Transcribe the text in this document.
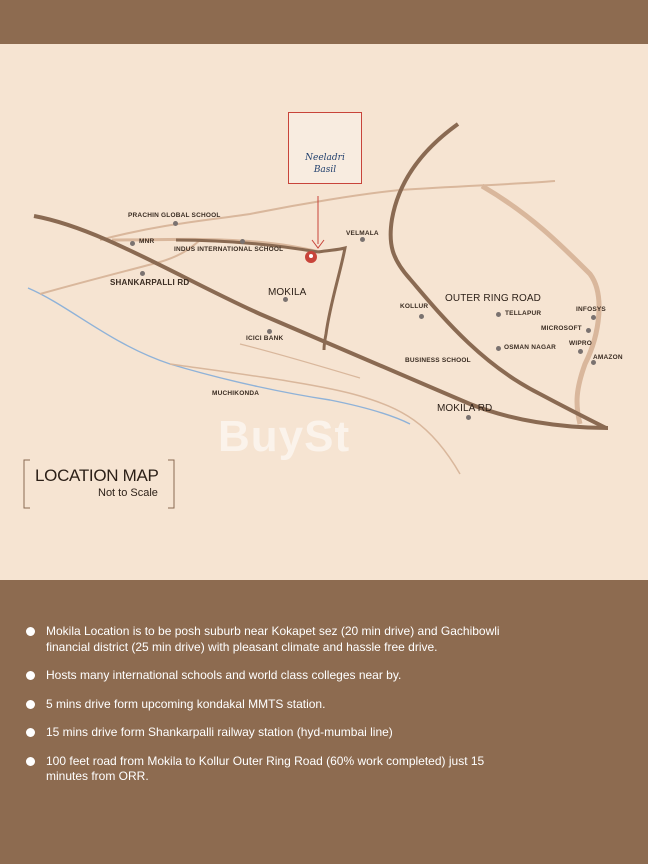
PRACHIN GLOBAL SCHOOL
MNR
INDUS INTERNATIONAL SCHOOL
VELMALA
SHANKARPALLI RD
MOKILA
ICICI BANK
KOLLUR
OUTER RING ROAD
TELLAPUR
INFOSYS
MICROSOFT
WIPRO
AMAZON
OSMAN NAGAR
BUSINESS SCHOOL
MUCHIKONDA
MOKILA RD
Neeladri
Basil
BuySt
LOCATION MAP
Not to Scale
Mokila Location is to be posh suburb near Kokapet sez (20 min drive) and Gachibowli financial district (25 min drive) with pleasant climate and hassle free drive.
Hosts many international schools and world class colleges near by.
5 mins drive form upcoming kondakal MMTS station.
15 mins drive form Shankarpalli railway station (hyd-mumbai line)
100 feet road from Mokila to Kollur Outer Ring Road (60% work completed) just 15 minutes from ORR.
